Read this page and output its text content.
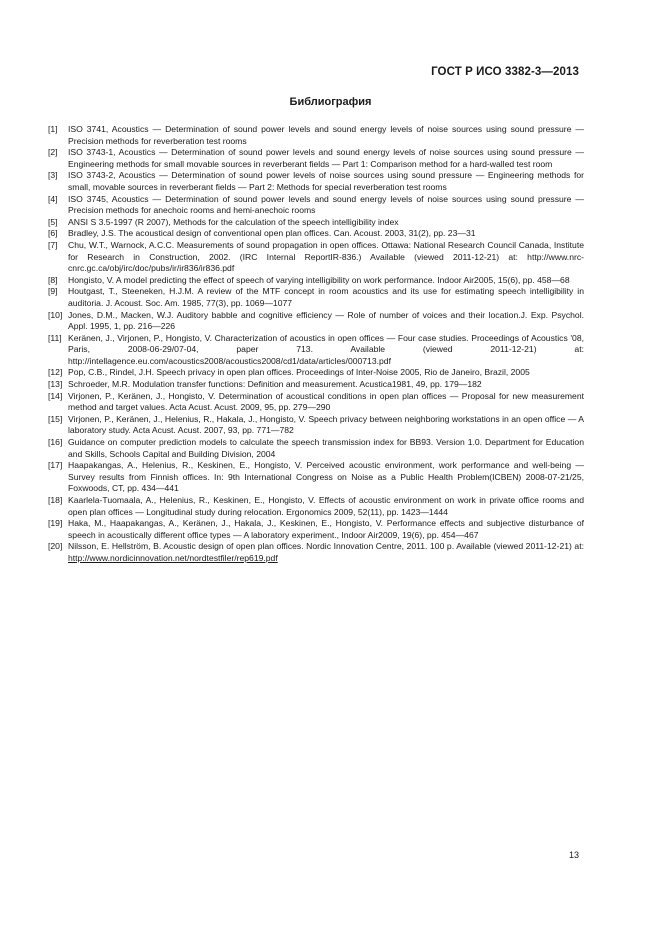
ГОСТ Р ИСО 3382-3—2013
Библиография
[1]	ISO 3741, Acoustics — Determination of sound power levels and sound energy levels of noise sources using sound pressure — Precision methods for reverberation test rooms
[2]	ISO 3743-1, Acoustics — Determination of sound power levels and sound energy levels of noise sources using sound pressure — Engineering methods for small movable sources in reverberant fields — Part 1: Comparison method for a hard-walled test room
[3]	ISO 3743-2, Acoustics — Determination of sound power levels of noise sources using sound pressure — Engineering methods for small, movable sources in reverberant fields — Part 2: Methods for special reverberation test rooms
[4]	ISO 3745, Acoustics — Determination of sound power levels and sound energy levels of noise sources using sound pressure — Precision methods for anechoic rooms and hemi-anechoic rooms
[5]	ANSI S 3.5-1997 (R 2007), Methods for the calculation of the speech intelligibility index
[6]	Bradley, J.S. The acoustical design of conventional open plan offices. Can. Acoust. 2003, 31(2), pp. 23—31
[7]	Chu, W.T., Warnock, A.C.C. Measurements of sound propagation in open offices. Ottawa: National Research Council Canada, Institute for Research in Construction, 2002. (IRC Internal ReportIR-836.) Available (viewed 2011-12-21) at: http://www.nrc-cnrc.gc.ca/obj/irc/doc/pubs/ir/ir836/ir836.pdf
[8]	Hongisto, V. A model predicting the effect of speech of varying intelligibility on work performance. Indoor Air2005, 15(6), pp. 458—68
[9]	Houtgast, T., Steeneken, H.J.M. A review of the MTF concept in room acoustics and its use for estimating speech intelligibility in auditoria. J. Acoust. Soc. Am. 1985, 77(3), pp. 1069—1077
[10] Jones, D.M., Macken, W.J. Auditory babble and cognitive efficiency — Role of number of voices and their location.J. Exp. Psychol. Appl. 1995, 1, pp. 216—226
[11] Keränen, J., Virjonen, P., Hongisto, V. Characterization of acoustics in open offices — Four case studies. Proceedings of Acoustics '08, Paris, 2008-06-29/07-04, paper 713. Available (viewed 2011-12-21) at: http://intellagence.eu.com/acoustics2008/acoustics2008/cd1/data/articles/000713.pdf
[12] Pop, C.B., Rindel, J.H. Speech privacy in open plan offices. Proceedings of Inter-Noise 2005, Rio de Janeiro, Brazil, 2005
[13] Schroeder, M.R. Modulation transfer functions: Definition and measurement. Acustica1981, 49, pp. 179—182
[14] Virjonen, P., Keränen, J., Hongisto, V. Determination of acoustical conditions in open plan offices — Proposal for new measurement method and target values. Acta Acust. Acust. 2009, 95, pp. 279—290
[15] Virjonen, P., Keränen, J., Helenius, R., Hakala, J., Hongisto, V. Speech privacy between neighboring workstations in an open office — A laboratory study. Acta Acust. Acust. 2007, 93, pp. 771—782
[16] Guidance on computer prediction models to calculate the speech transmission index for BB93. Version 1.0. Department for Education and Skills, Schools Capital and Building Division, 2004
[17] Haapakangas, A., Helenius, R., Keskinen, E., Hongisto, V. Perceived acoustic environment, work performance and well-being — Survey results from Finnish offices. In: 9th International Congress on Noise as a Public Health Problem(ICBEN) 2008-07-21/25, Foxwoods, CT, pp. 434—441
[18] Kaarlela-Tuomaala, A., Helenius, R., Keskinen, E., Hongisto, V. Effects of acoustic environment on work in private office rooms and open plan offices — Longitudinal study during relocation. Ergonomics 2009, 52(11), pp. 1423—1444
[19] Haka, M., Haapakangas, A., Keränen, J., Hakala, J., Keskinen, E., Hongisto, V. Performance effects and subjective disturbance of speech in acoustically different office types — A laboratory experiment., Indoor Air2009, 19(6), pp. 454—467
[20] Nilsson, E. Hellström, B. Acoustic design of open plan offices. Nordic Innovation Centre, 2011. 100 p. Available (viewed 2011-12-21) at: http://www.nordicinnovation.net/nordtestfiler/rep619.pdf
13
